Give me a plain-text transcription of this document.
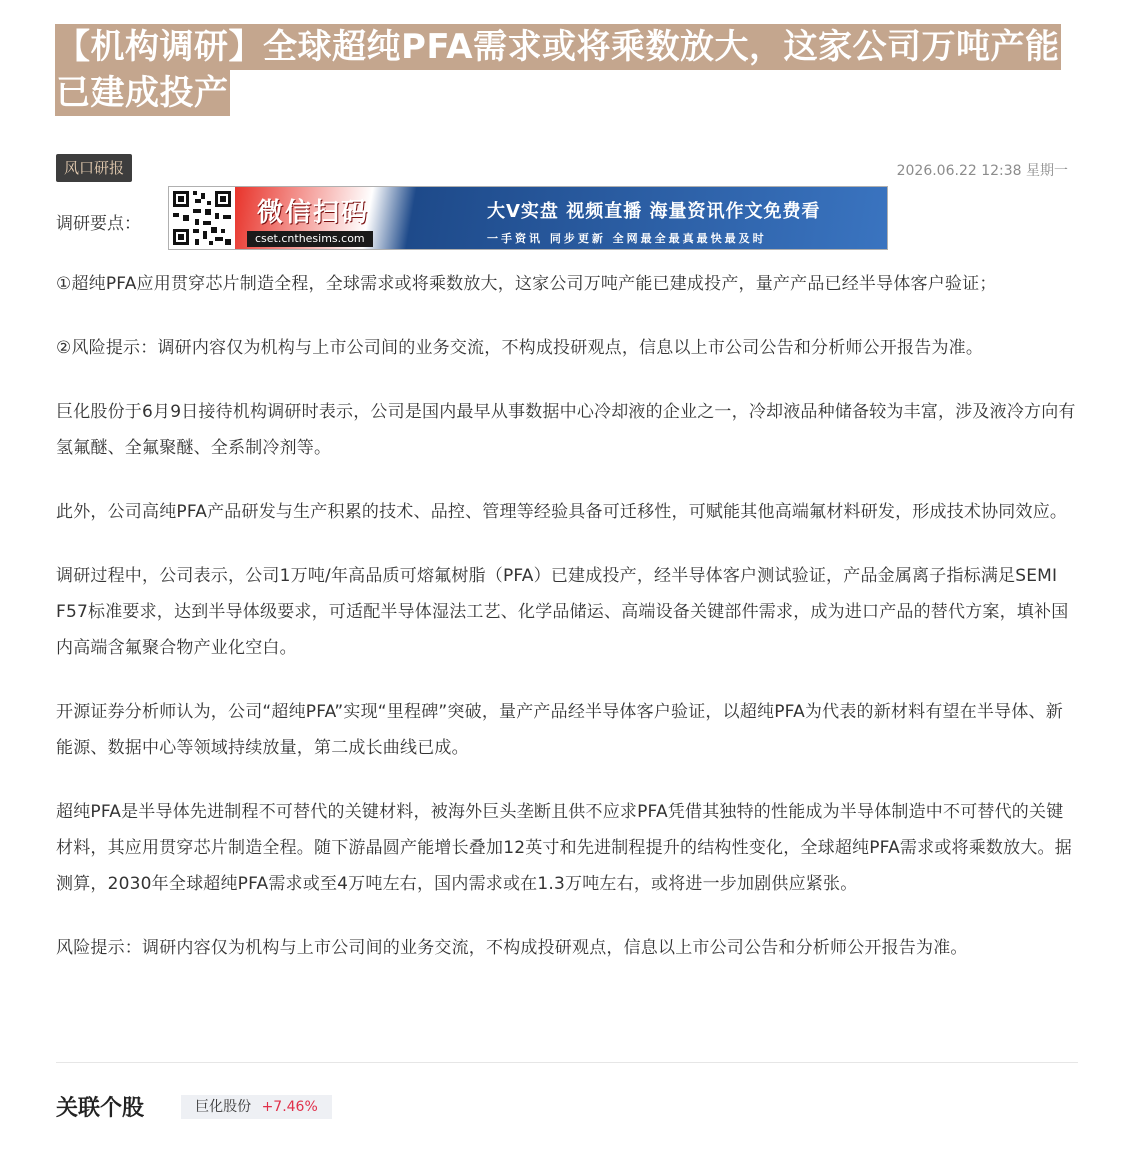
【机构调研】全球超纯PFA需求或将乘数放大，这家公司万吨产能已建成投产
风口研报	2026.06.22 12:38 星期一
调研要点：	微信扫码
cset.cnthesims.com
大V实盘 视频直播 海量资讯作文免费看
一手资讯 同步更新 全网最全最真最快最及时

①超纯PFA应用贯穿芯片制造全程，全球需求或将乘数放大，这家公司万吨产能已建成投产，量产产品已经半导体客户验证；

②风险提示：调研内容仅为机构与上市公司间的业务交流，不构成投研观点，信息以上市公司公告和分析师公开报告为准。

巨化股份于6月9日接待机构调研时表示，公司是国内最早从事数据中心冷却液的企业之一，冷却液品种储备较为丰富，涉及液冷方向有氢氟醚、全氟聚醚、全系制冷剂等。

此外，公司高纯PFA产品研发与生产积累的技术、品控、管理等经验具备可迁移性，可赋能其他高端氟材料研发，形成技术协同效应。

调研过程中，公司表示，公司1万吨/年高品质可熔氟树脂（PFA）已建成投产，经半导体客户测试验证，产品金属离子指标满足SEMI F57标准要求，达到半导体级要求，可适配半导体湿法工艺、化学品储运、高端设备关键部件需求，成为进口产品的替代方案，填补国内高端含氟聚合物产业化空白。

开源证券分析师认为，公司“超纯PFA”实现“里程碑”突破，量产产品经半导体客户验证，以超纯PFA为代表的新材料有望在半导体、新能源、数据中心等领域持续放量，第二成长曲线已成。

超纯PFA是半导体先进制程不可替代的关键材料，被海外巨头垄断且供不应求PFA凭借其独特的性能成为半导体制造中不可替代的关键材料，其应用贯穿芯片制造全程。随下游晶圆产能增长叠加12英寸和先进制程提升的结构性变化，全球超纯PFA需求或将乘数放大。据测算，2030年全球超纯PFA需求或至4万吨左右，国内需求或在1.3万吨左右，或将进一步加剧供应紧张。

风险提示：调研内容仅为机构与上市公司间的业务交流，不构成投研观点，信息以上市公司公告和分析师公开报告为准。

关联个股	巨化股份 +7.46%
